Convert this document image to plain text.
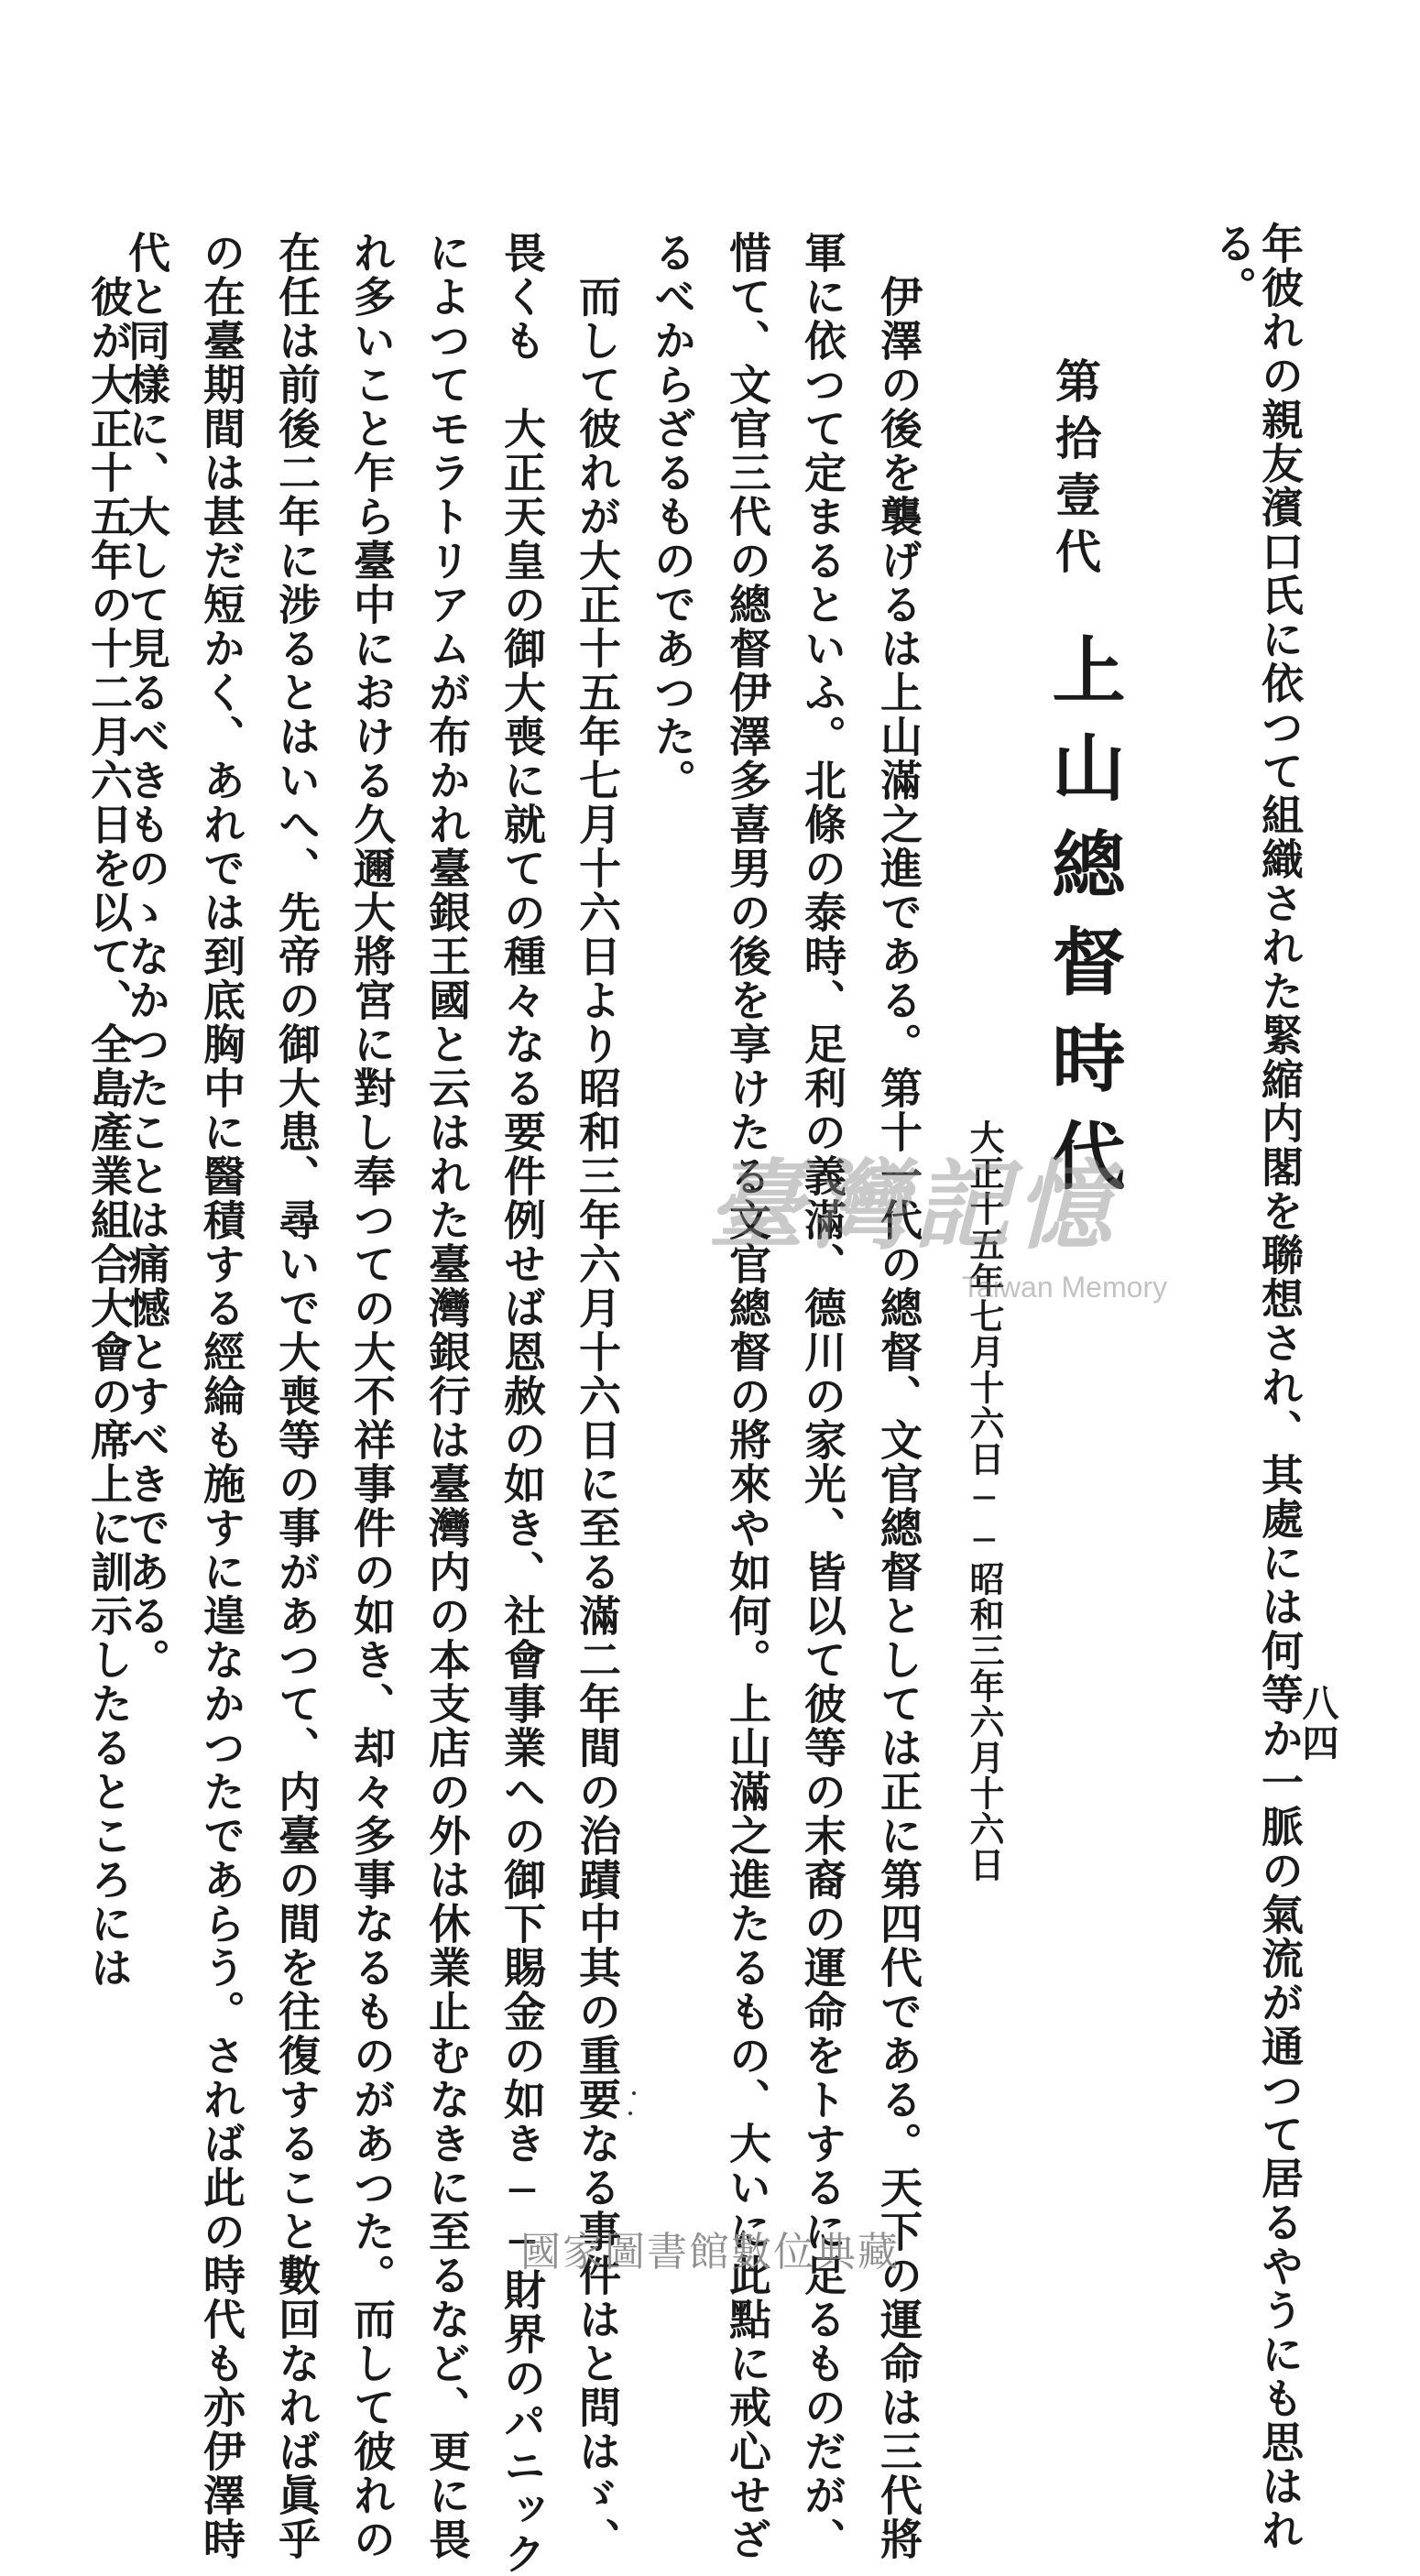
八四
る。
年彼れの親友濱口氏に依つて組織された緊縮内閣を聯想され、其處には何等か一脈の氣流が通つて居るやうにも思はれ
第拾壹代
上山總督時代
大正十五年七月十六日──昭和三年六月十六日
伊澤の後を襲げるは上山滿之進である。第十一代の總督、文官總督としては正に第四代である。天下の運命は三代將
軍に依つて定まるといふ。北條の泰時、足利の義滿、德川の家光、皆以て彼等の末裔の運命をトするに足るものだが、
惜て、文官三代の總督伊澤多喜男の後を享けたる文官總督の將來や如何。上山滿之進たるもの、大いに此點に戒心せざ
るべからざるものであつた。
而して彼れが大正十五年七月十六日より昭和三年六月十六日に至る滿二年間の治蹟中其の重要なる事件はと問はゞ、
畏くも　大正天皇の御大喪に就ての種々なる要件例せば恩赦の如き、社會事業への御下賜金の如き──財界のパニック
によつてモラトリアムが布かれ臺銀王國と云はれた臺灣銀行は臺灣内の本支店の外は休業止むなきに至るなど、更に畏
れ多いこと乍ら臺中における久邇大將宮に對し奉つての大不祥事件の如き、却々多事なるものがあつた。而して彼れの
在任は前後二年に涉るとはいへ、先帝の御大患、尋いで大喪等の事があつて、内臺の間を往復すること數回なれば眞乎
の在臺期間は甚だ短かく、あれでは到底胸中に醫積する經綸も施すに遑なかつたであらう。されば此の時代も亦伊澤時
代と同樣に、大して見るべきものゝなかつたことは痛憾とすべきである。
彼が大正十五年の十二月六日を以て、全島產業組合大會の席上に訓示したるところには	臺灣記憶
Taiwan Memory
國家圖書館數位典藏
